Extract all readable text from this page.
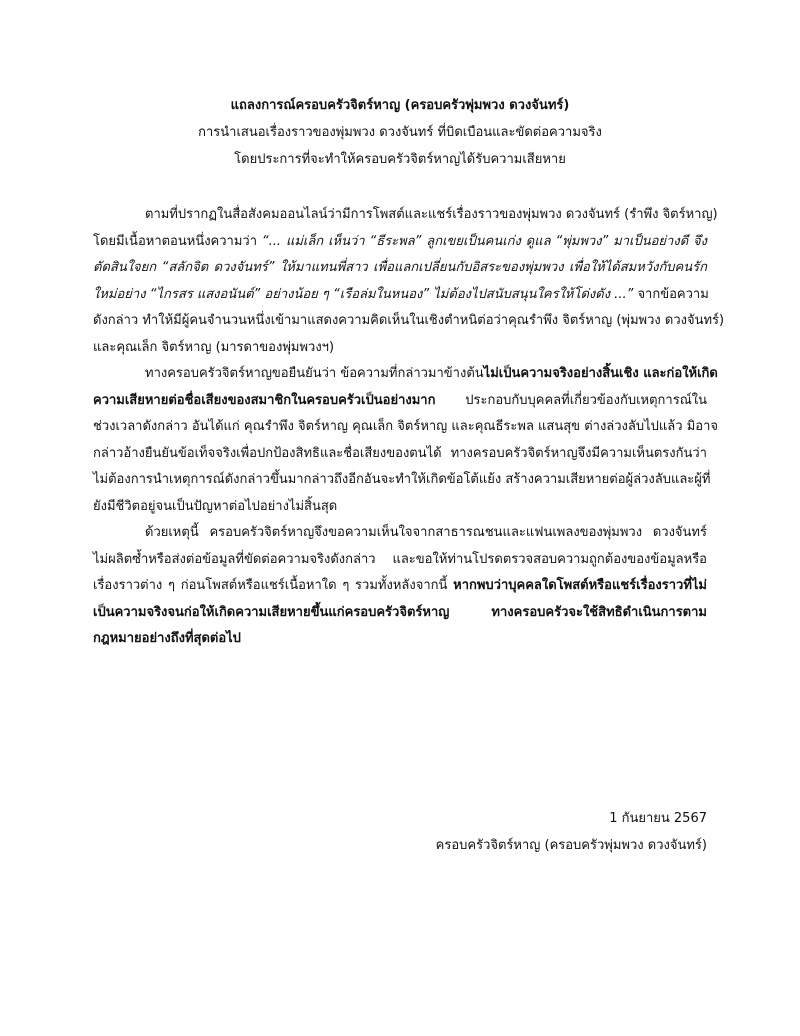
แถลงการณ์ครอบครัวจิตร์หาญ (ครอบครัวพุ่มพวง ดวงจันทร์)
การนำเสนอเรื่องราวของพุ่มพวง ดวงจันทร์ ที่บิดเบือนและขัดต่อความจริง
โดยประการที่จะทำให้ครอบครัวจิตร์หาญได้รับความเสียหาย

ตามที่ปรากฏในสื่อสังคมออนไลน์ว่ามีการโพสต์และแชร์เรื่องราวของพุ่มพวง ดวงจันทร์ (รำพึง จิตร์หาญ)
โดยมีเนื้อหาตอนหนึ่งความว่า “... แม่เล็ก เห็นว่า “ธีระพล” ลูกเขยเป็นคนเก่ง ดูแล “พุ่มพวง” มาเป็นอย่างดี จึง
ตัดสินใจยก “สลักจิต ดวงจันทร์” ให้มาแทนพี่สาว เพื่อแลกเปลี่ยนกับอิสระของพุ่มพวง เพื่อให้ได้สมหวังกับคนรัก
ใหม่อย่าง “ไกรสร แสงอนันต์” อย่างน้อย ๆ “เรือล่มในหนอง” ไม่ต้องไปสนับสนุนใครให้โด่งดัง ...” จากข้อความ
ดังกล่าว ทำให้มีผู้คนจำนวนหนึ่งเข้ามาแสดงความคิดเห็นในเชิงตำหนิต่อว่าคุณรำพึง จิตร์หาญ (พุ่มพวง ดวงจันทร์)
และคุณเล็ก จิตร์หาญ (มารดาของพุ่มพวงฯ)

ทางครอบครัวจิตร์หาญขอยืนยันว่า ข้อความที่กล่าวมาข้างต้นไม่เป็นความจริงอย่างสิ้นเชิง และก่อให้เกิด
ความเสียหายต่อชื่อเสียงของสมาชิกในครอบครัวเป็นอย่างมาก ประกอบกับบุคคลที่เกี่ยวข้องกับเหตุการณ์ใน
ช่วงเวลาดังกล่าว อันได้แก่ คุณรำพึง จิตร์หาญ คุณเล็ก จิตร์หาญ และคุณธีระพล แสนสุข ต่างล่วงลับไปแล้ว มิอาจ
กล่าวอ้างยืนยันข้อเท็จจริงเพื่อปกป้องสิทธิและชื่อเสียงของตนได้ ทางครอบครัวจิตร์หาญจึงมีความเห็นตรงกันว่า
ไม่ต้องการนำเหตุการณ์ดังกล่าวขึ้นมากล่าวถึงอีกอันจะทำให้เกิดข้อโต้แย้ง สร้างความเสียหายต่อผู้ล่วงลับและผู้ที่
ยังมีชีวิตอยู่จนเป็นปัญหาต่อไปอย่างไม่สิ้นสุด

ด้วยเหตุนี้ ครอบครัวจิตร์หาญจึงขอความเห็นใจจากสาธารณชนและแฟนเพลงของพุ่มพวง ดวงจันทร์
ไม่ผลิตซ้ำหรือส่งต่อข้อมูลที่ขัดต่อความจริงดังกล่าว และขอให้ท่านโปรดตรวจสอบความถูกต้องของข้อมูลหรือ
เรื่องราวต่าง ๆ ก่อนโพสต์หรือแชร์เนื้อหาใด ๆ รวมทั้งหลังจากนี้ หากพบว่าบุคคลใดโพสต์หรือแชร์เรื่องราวที่ไม่
เป็นความจริงจนก่อให้เกิดความเสียหายขึ้นแก่ครอบครัวจิตร์หาญ ทางครอบครัวจะใช้สิทธิดำเนินการตาม
กฎหมายอย่างถึงที่สุดต่อไป

1 กันยายน 2567
ครอบครัวจิตร์หาญ (ครอบครัวพุ่มพวง ดวงจันทร์)
